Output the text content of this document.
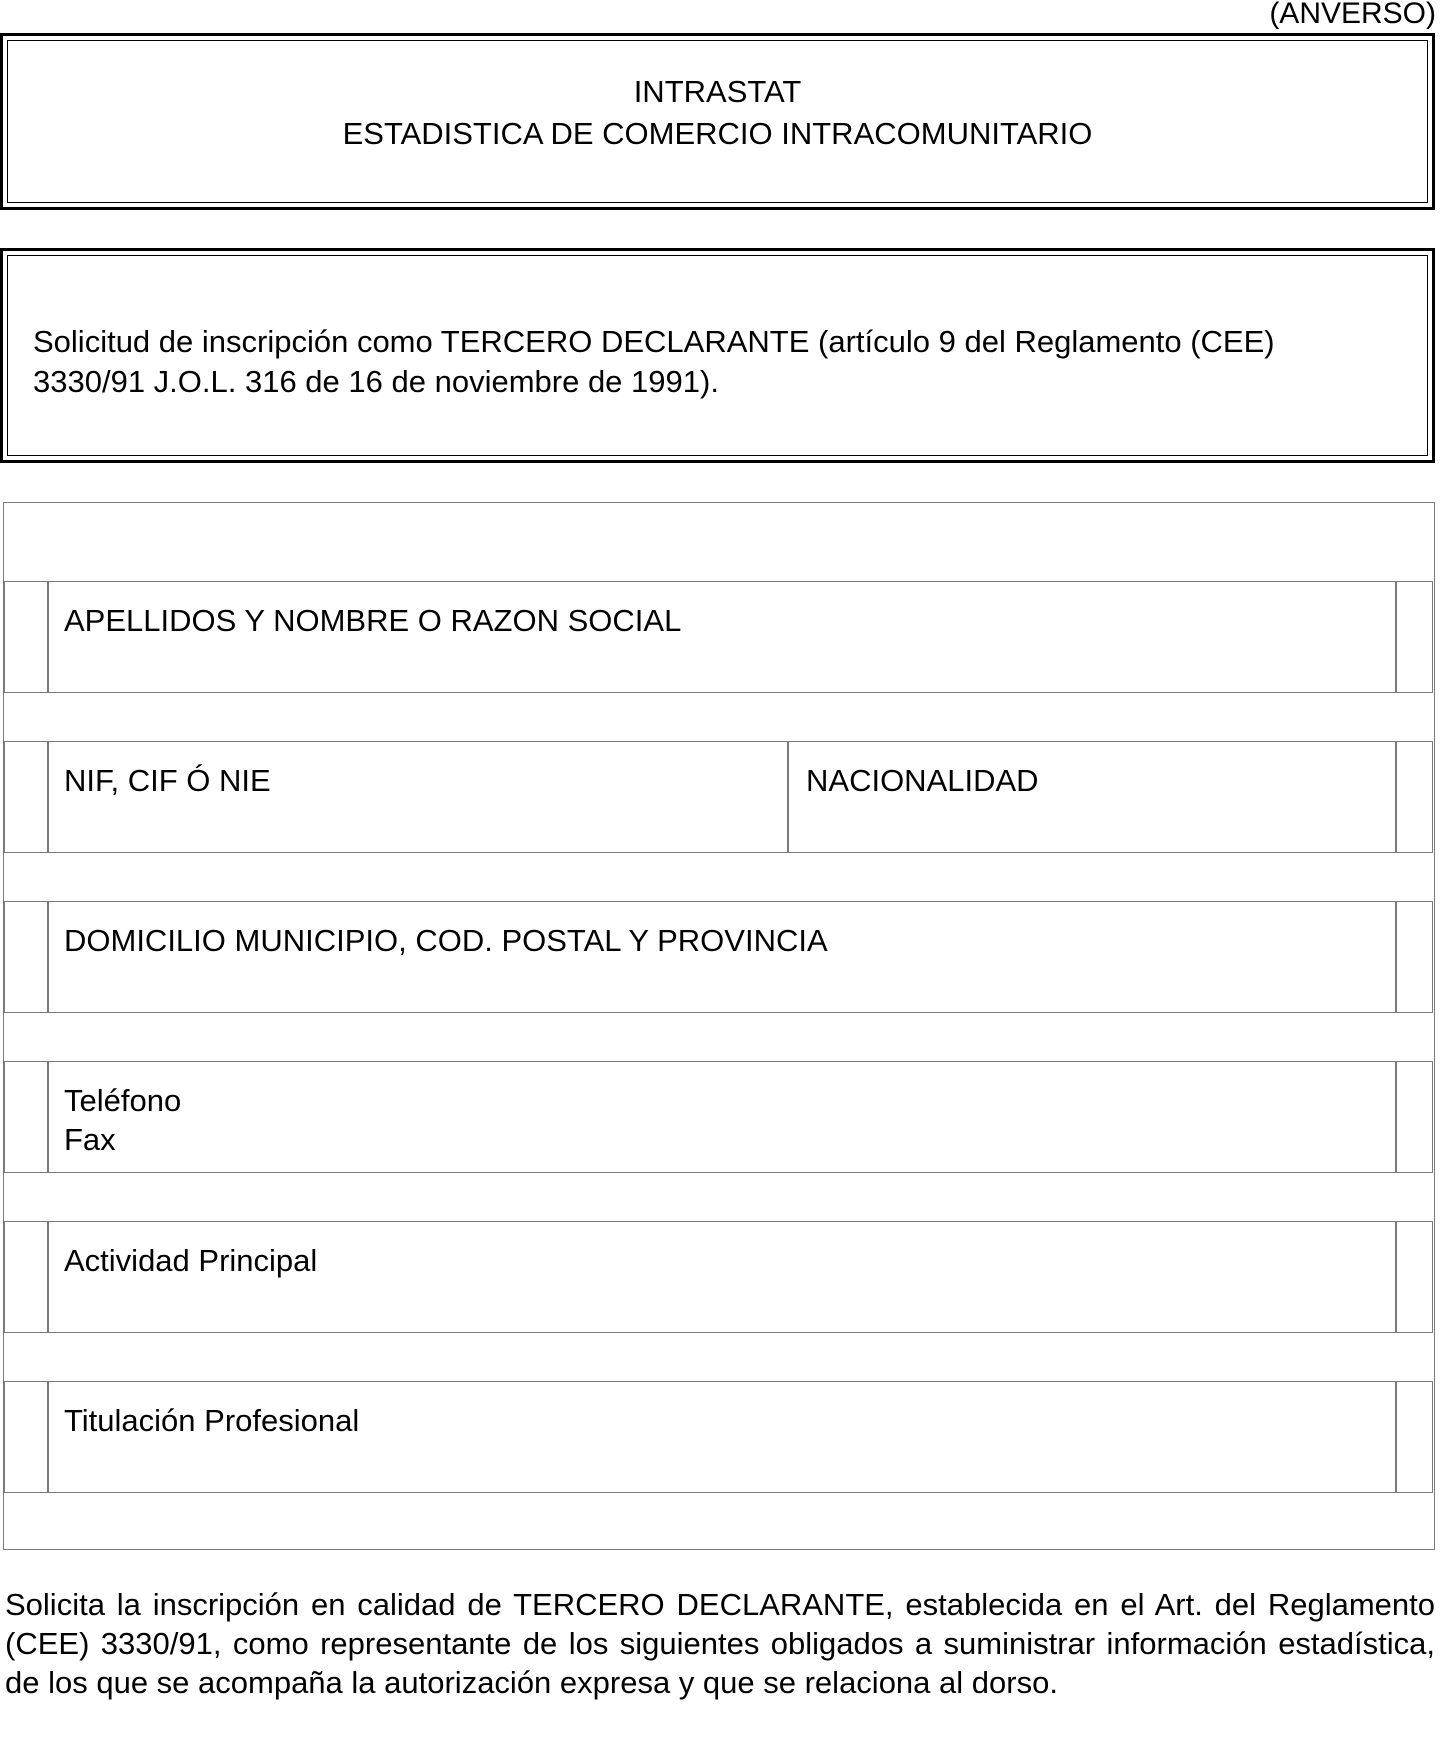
(ANVERSO)
INTRASTAT
ESTADISTICA DE COMERCIO INTRACOMUNITARIO
Solicitud de inscripción como TERCERO DECLARANTE (artículo 9 del Reglamento (CEE) 3330/91 J.O.L. 316 de 16 de noviembre de 1991).
APELLIDOS Y NOMBRE O RAZON SOCIAL
NIF, CIF Ó NIE	NACIONALIDAD
DOMICILIO MUNICIPIO, COD. POSTAL Y PROVINCIA
Teléfono
Fax
Actividad Principal
Titulación Profesional
Solicita la inscripción en calidad de TERCERO DECLARANTE, establecida en el Art. del Reglamento (CEE) 3330/91, como representante de los siguientes obligados a suministrar información estadística, de los que se acompaña la autorización expresa y que se relaciona al dorso.
